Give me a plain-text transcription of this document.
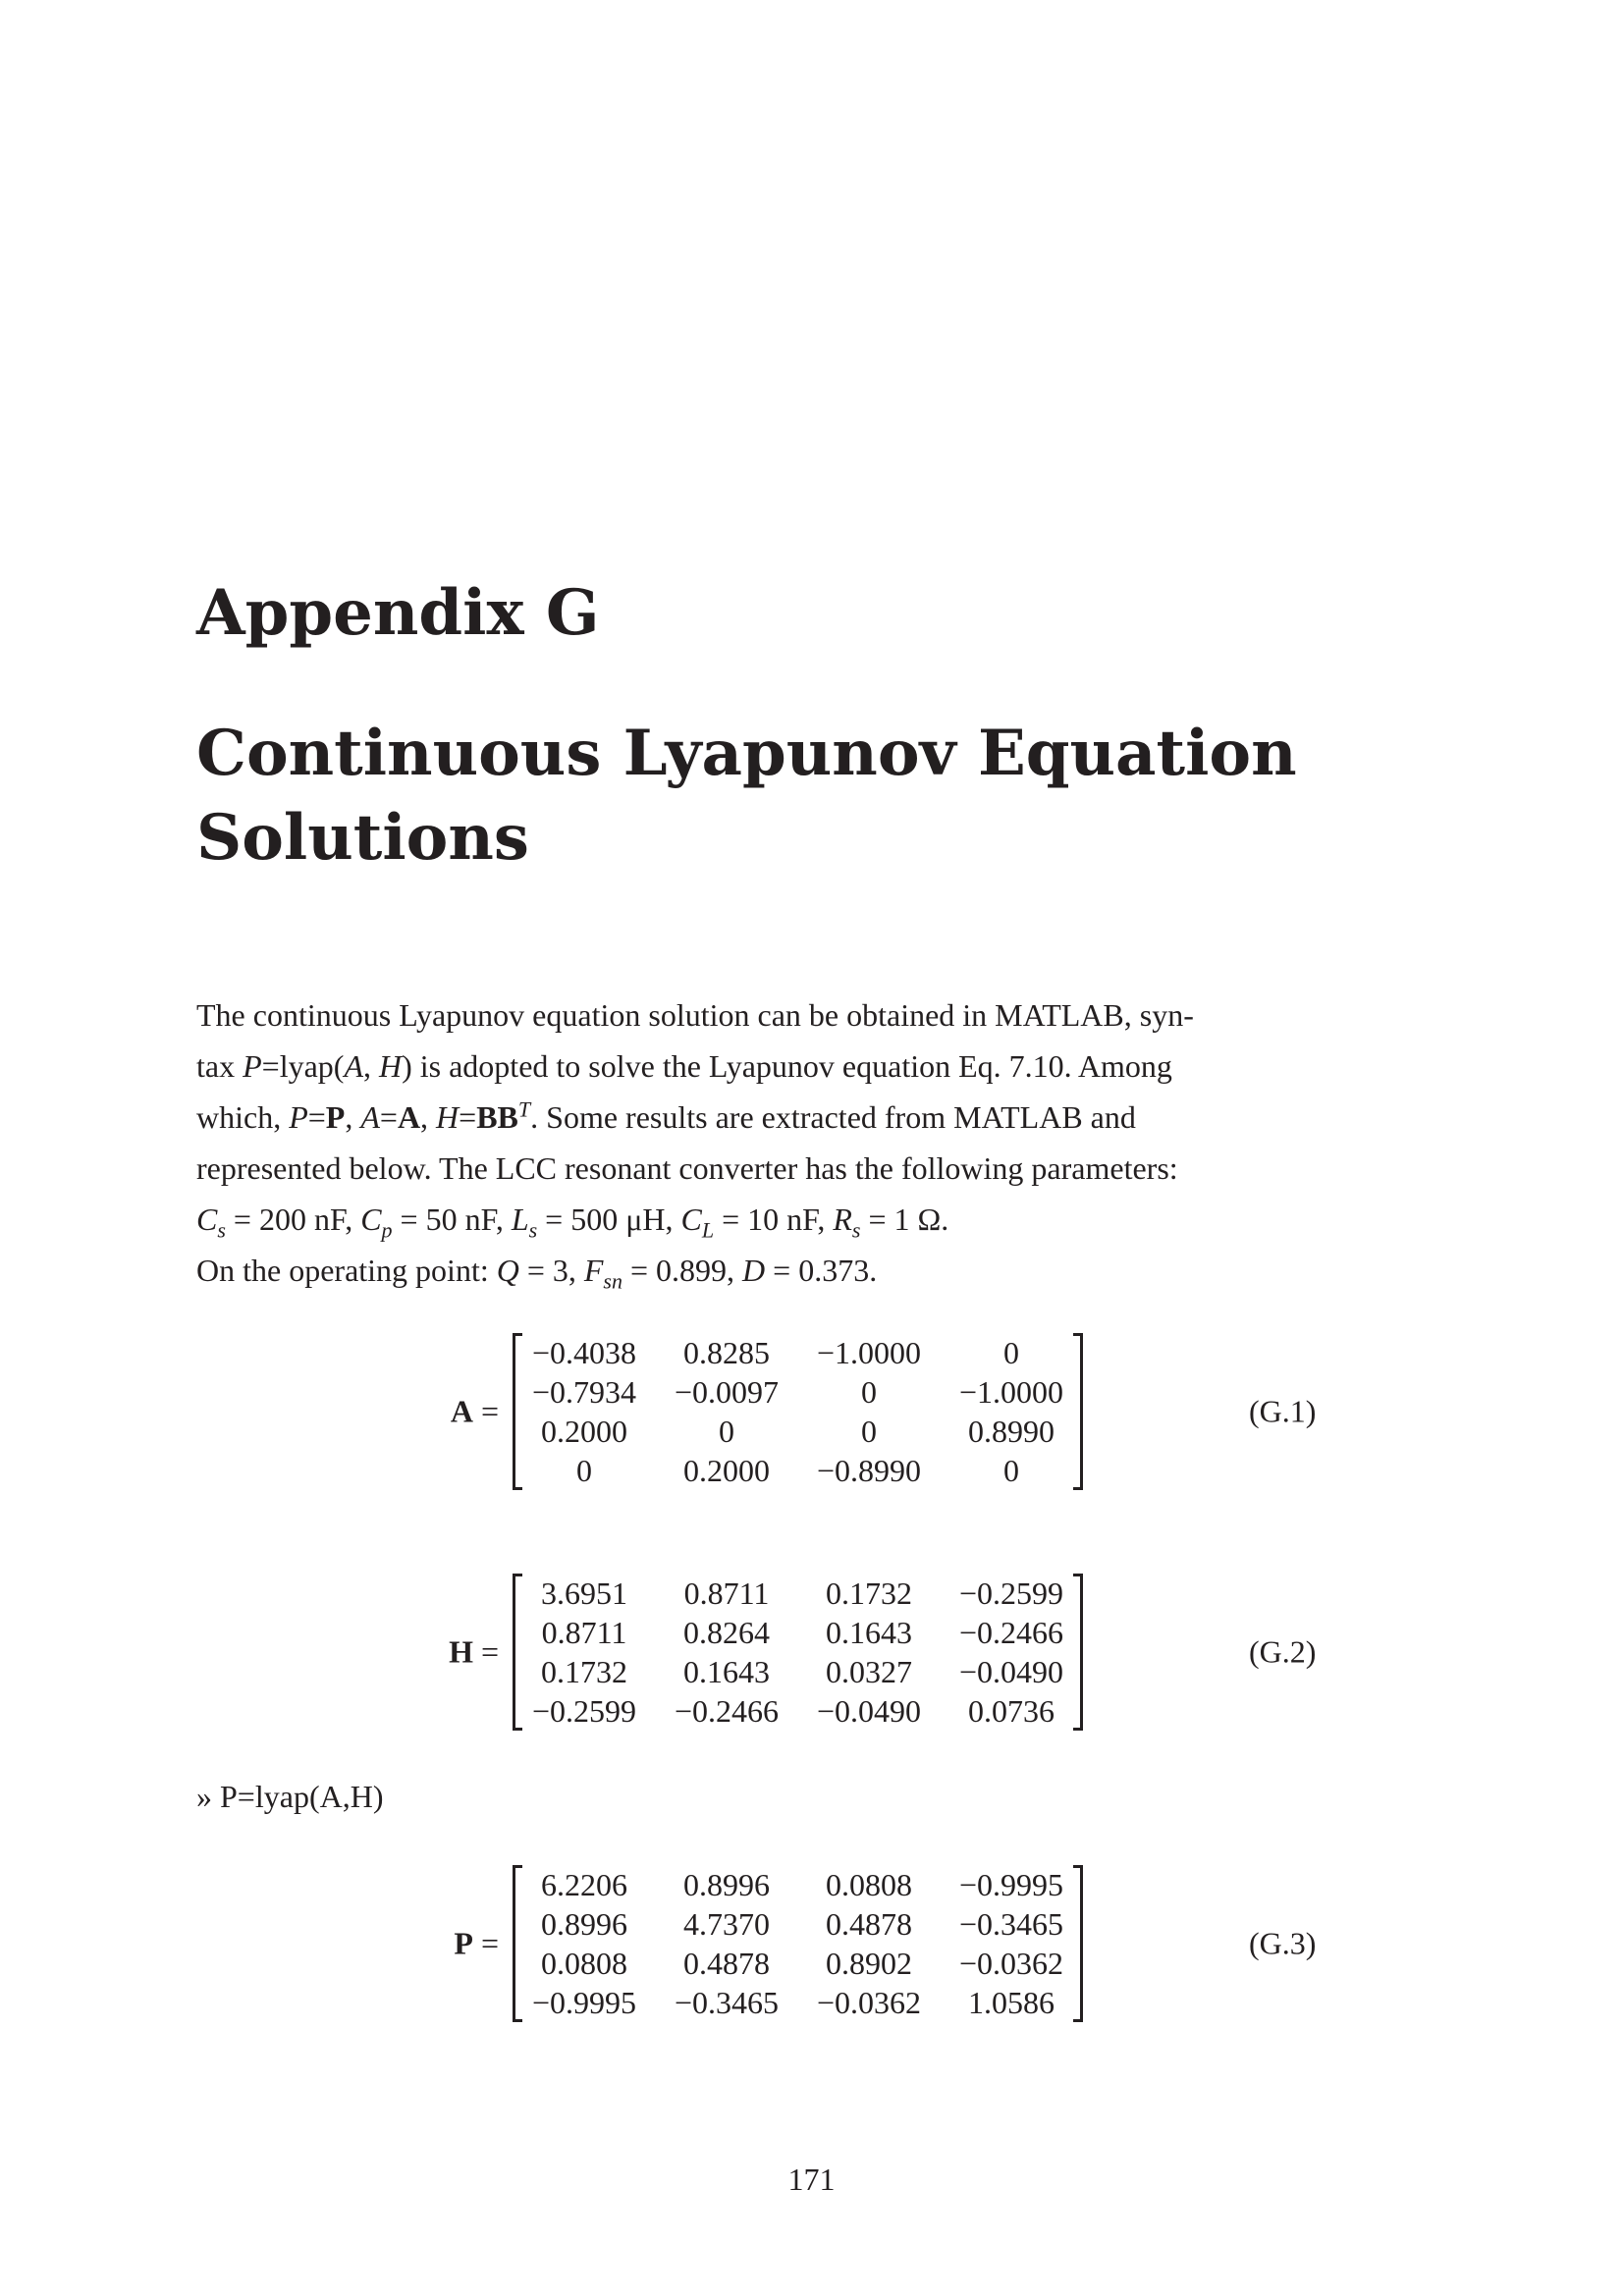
Appendix G
Continuous Lyapunov Equation
Solutions

The continuous Lyapunov equation solution can be obtained in MATLAB, syn-

tax P=lyap(A, H) is adopted to solve the Lyapunov equation Eq. 7.10. Among

which, P=P, A=A, $H=BB^T$. Some results are extracted from MATLAB and

represented below. The LCC resonant converter has the following parameters:

$C_s = 200$ nF, $C_p = 50$ nF, $L_s = 500$ μH, $C_L = 10$ nF, $R_s = 1$ Ω.

On the operating point: Q = 3, $F_{sn} = 0.899$, D = 0.373.

A =
−0.4038	0.8285	−1.0000	0
−0.7934	−0.0097	0	−1.0000
0.2000	0	0	0.8990
0	0.2000	−0.8990	0
(G.1)
H =
3.6951	0.8711	0.1732	−0.2599
0.8711	0.8264	0.1643	−0.2466
0.1732	0.1643	0.0327	−0.0490
−0.2599	−0.2466	−0.0490	0.0736
(G.2)
» P=lyap(A,H)
P =
6.2206	0.8996	0.0808	−0.9995
0.8996	4.7370	0.4878	−0.3465
0.0808	0.4878	0.8902	−0.0362
−0.9995	−0.3465	−0.0362	1.0586
(G.3)
171
